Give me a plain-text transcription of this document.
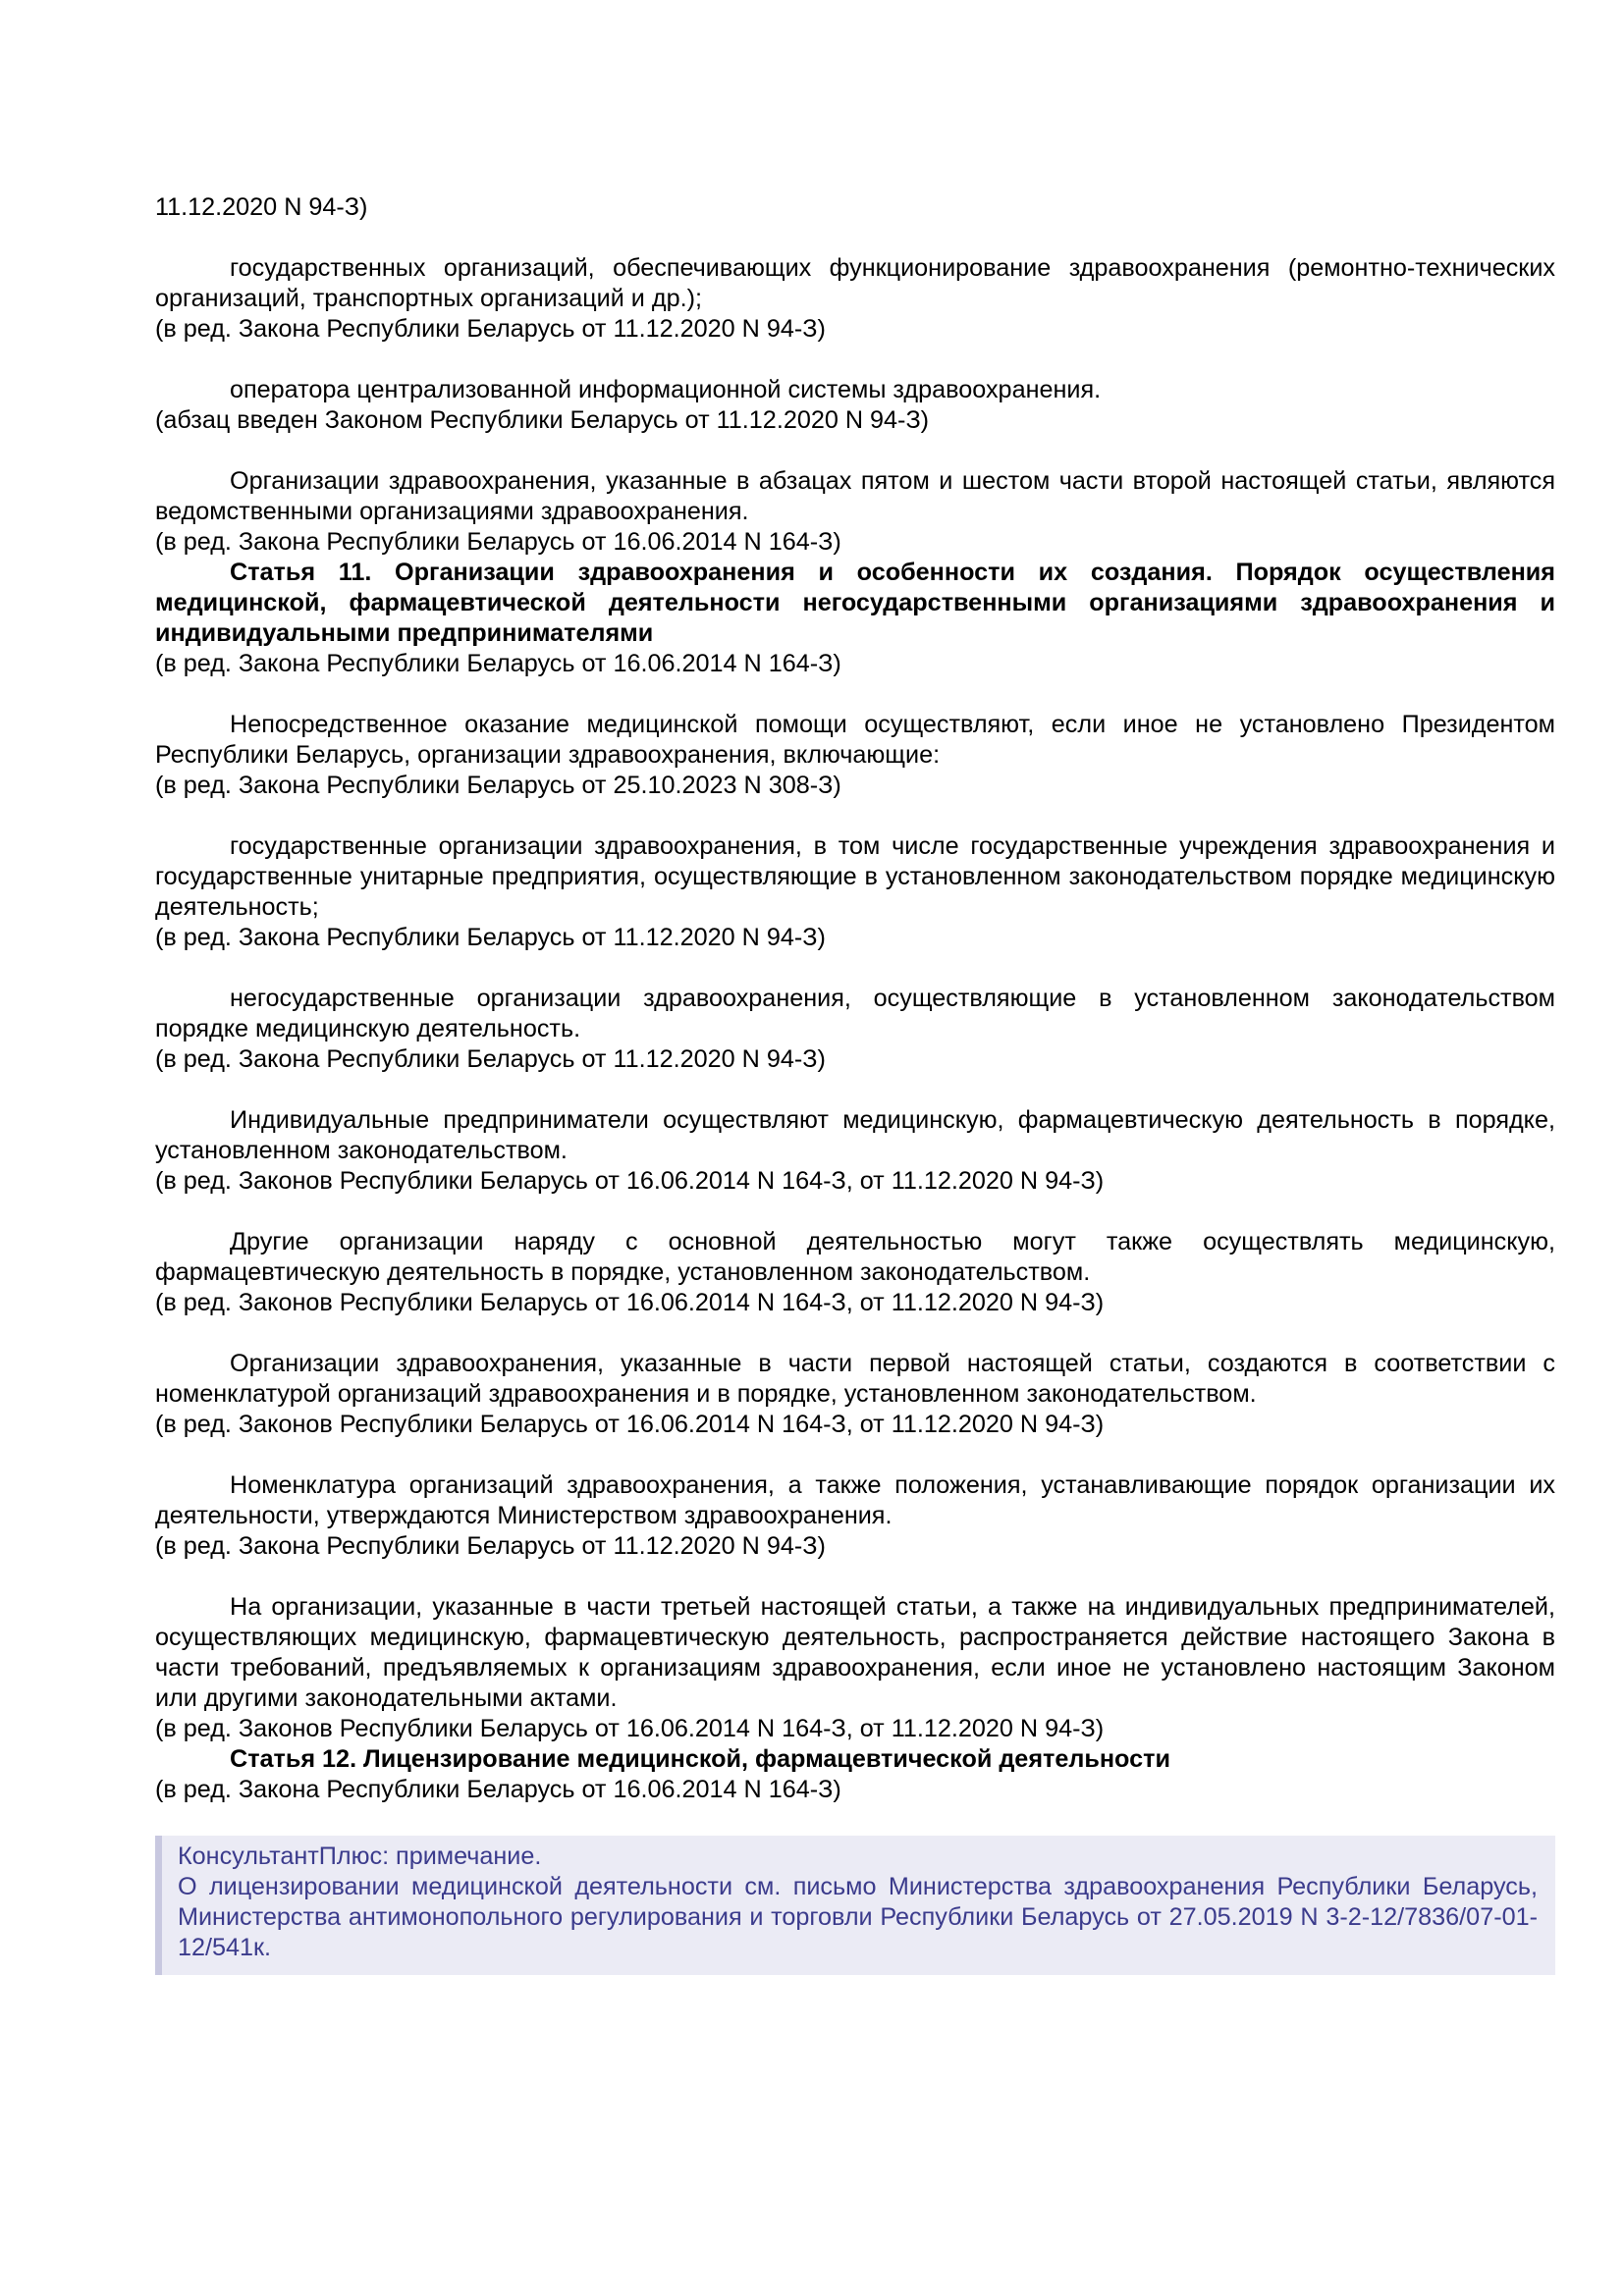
11.12.2020 N 94-З)

государственных организаций, обеспечивающих функционирование здравоохранения (ремонтно-технических организаций, транспортных организаций и др.);

(в ред. Закона Республики Беларусь от 11.12.2020 N 94-З)

оператора централизованной информационной системы здравоохранения.

(абзац введен Законом Республики Беларусь от 11.12.2020 N 94-З)

Организации здравоохранения, указанные в абзацах пятом и шестом части второй настоящей статьи, являются ведомственными организациями здравоохранения.

(в ред. Закона Республики Беларусь от 16.06.2014 N 164-З)

Статья 11. Организации здравоохранения и особенности их создания. Порядок осуществления медицинской, фармацевтической деятельности негосударственными организациями здравоохранения и индивидуальными предпринимателями

(в ред. Закона Республики Беларусь от 16.06.2014 N 164-З)

Непосредственное оказание медицинской помощи осуществляют, если иное не установлено Президентом Республики Беларусь, организации здравоохранения, включающие:

(в ред. Закона Республики Беларусь от 25.10.2023 N 308-З)

государственные организации здравоохранения, в том числе государственные учреждения здравоохранения и государственные унитарные предприятия, осуществляющие в установленном законодательством порядке медицинскую деятельность;

(в ред. Закона Республики Беларусь от 11.12.2020 N 94-З)

негосударственные организации здравоохранения, осуществляющие в установленном законодательством порядке медицинскую деятельность.

(в ред. Закона Республики Беларусь от 11.12.2020 N 94-З)

Индивидуальные предприниматели осуществляют медицинскую, фармацевтическую деятельность в порядке, установленном законодательством.

(в ред. Законов Республики Беларусь от 16.06.2014 N 164-З, от 11.12.2020 N 94-З)

Другие организации наряду с основной деятельностью могут также осуществлять медицинскую, фармацевтическую деятельность в порядке, установленном законодательством.

(в ред. Законов Республики Беларусь от 16.06.2014 N 164-З, от 11.12.2020 N 94-З)

Организации здравоохранения, указанные в части первой настоящей статьи, создаются в соответствии с номенклатурой организаций здравоохранения и в порядке, установленном законодательством.

(в ред. Законов Республики Беларусь от 16.06.2014 N 164-З, от 11.12.2020 N 94-З)

Номенклатура организаций здравоохранения, а также положения, устанавливающие порядок организации их деятельности, утверждаются Министерством здравоохранения.

(в ред. Закона Республики Беларусь от 11.12.2020 N 94-З)

На организации, указанные в части третьей настоящей статьи, а также на индивидуальных предпринимателей, осуществляющих медицинскую, фармацевтическую деятельность, распространяется действие настоящего Закона в части требований, предъявляемых к организациям здравоохранения, если иное не установлено настоящим Законом или другими законодательными актами.

(в ред. Законов Республики Беларусь от 16.06.2014 N 164-З, от 11.12.2020 N 94-З)

Статья 12. Лицензирование медицинской, фармацевтической деятельности

(в ред. Закона Республики Беларусь от 16.06.2014 N 164-З)

КонсультантПлюс: примечание.

О лицензировании медицинской деятельности см. письмо Министерства здравоохранения Республики Беларусь, Министерства антимонопольного регулирования и торговли Республики Беларусь от 27.05.2019 N 3-2-12/7836/07-01-12/541к.
